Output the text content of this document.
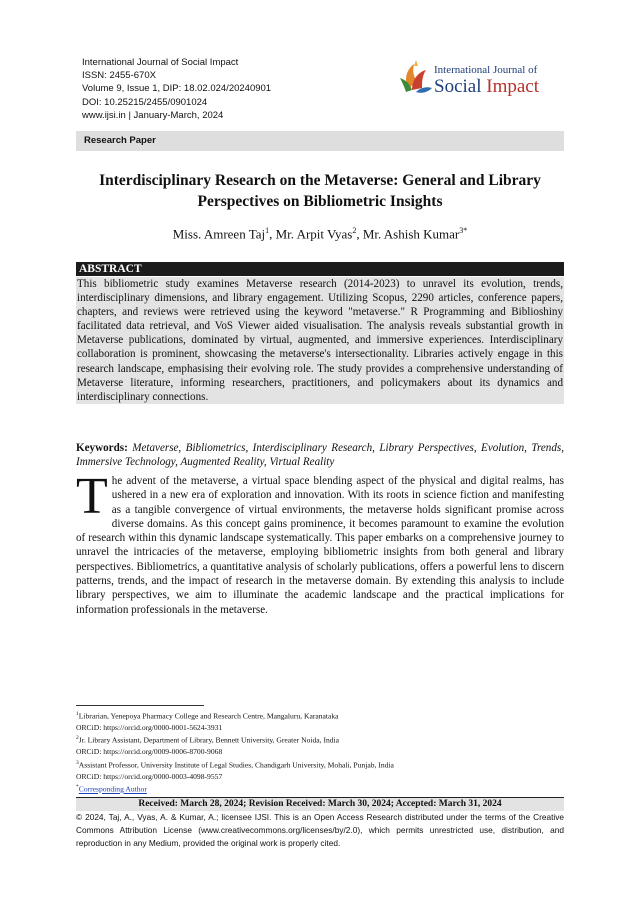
International Journal of Social Impact
ISSN: 2455-670X
Volume 9, Issue 1, DIP: 18.02.024/20240901
DOI: 10.25215/2455/0901024
www.ijsi.in | January-March, 2024
International Journal of
Social Impact
Research Paper
Interdisciplinary Research on the Metaverse: General and Library Perspectives on Bibliometric Insights
Miss. Amreen Taj$^1$, Mr. Arpit Vyas$^2$, Mr. Ashish Kumar$^{3*}$
ABSTRACT
This bibliometric study examines Metaverse research (2014-2023) to unravel its evolution, trends, interdisciplinary dimensions, and library engagement. Utilizing Scopus, 2290 articles, conference papers, chapters, and reviews were retrieved using the keyword "metaverse." R Programming and Biblioshiny facilitated data retrieval, and VoS Viewer aided visualisation. The analysis reveals substantial growth in Metaverse publications, dominated by virtual, augmented, and immersive experiences. Interdisciplinary collaboration is prominent, showcasing the metaverse's intersectionality. Libraries actively engage in this research landscape, emphasising their evolving role. The study provides a comprehensive understanding of Metaverse literature, informing researchers, practitioners, and policymakers about its dynamics and interdisciplinary connections.
Keywords: Metaverse, Bibliometrics, Interdisciplinary Research, Library Perspectives, Evolution, Trends, Immersive Technology, Augmented Reality, Virtual Reality
The advent of the metaverse, a virtual space blending aspect of the physical and digital realms, has ushered in a new era of exploration and innovation. With its roots in science fiction and manifesting as a tangible convergence of virtual environments, the metaverse holds significant promise across diverse domains. As this concept gains prominence, it becomes paramount to examine the evolution of research within this dynamic landscape systematically. This paper embarks on a comprehensive journey to unravel the intricacies of the metaverse, employing bibliometric insights from both general and library perspectives. Bibliometrics, a quantitative analysis of scholarly publications, offers a powerful lens to discern patterns, trends, and the impact of research in the metaverse domain. By extending this analysis to include library perspectives, we aim to illuminate the academic landscape and the practical implications for information professionals in the metaverse.
$^1$Librarian, Yenepoya Pharmacy College and Research Centre, Mangaluru, Karanataka
ORCiD: https://orcid.org/0000-0001-5624-3931
$^2$Jr. Library Assistant, Department of Library, Bennett University, Greater Noida, India
ORCiD: https://orcid.org/0009-0006-8700-9068
$^3$Assistant Professor, University Institute of Legal Studies, Chandigarh University, Mohali, Punjab, India
ORCiD: https://orcid.org/0000-0003-4098-9557
*Corresponding Author
Received: March 28, 2024; Revision Received: March 30, 2024; Accepted: March 31, 2024
© 2024, Taj, A., Vyas, A. & Kumar, A.; licensee IJSI. This is an Open Access Research distributed under the terms of the Creative Commons Attribution License (www.creativecommons.org/licenses/by/2.0), which permits unrestricted use, distribution, and reproduction in any Medium, provided the original work is properly cited.
